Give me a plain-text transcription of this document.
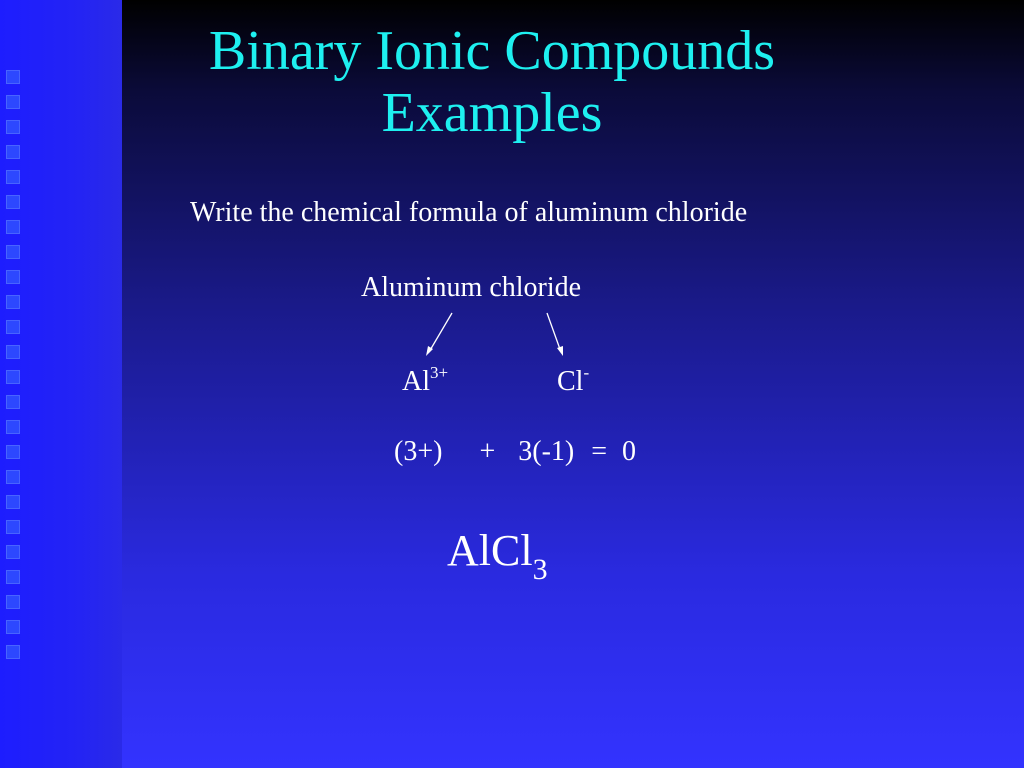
Binary Ionic Compounds
Examples
Write the chemical formula of aluminum chloride
Aluminum chloride
$Al^{3+}$	Cl-
(3+) + 3(-1) = 0
AlCl$_3$
